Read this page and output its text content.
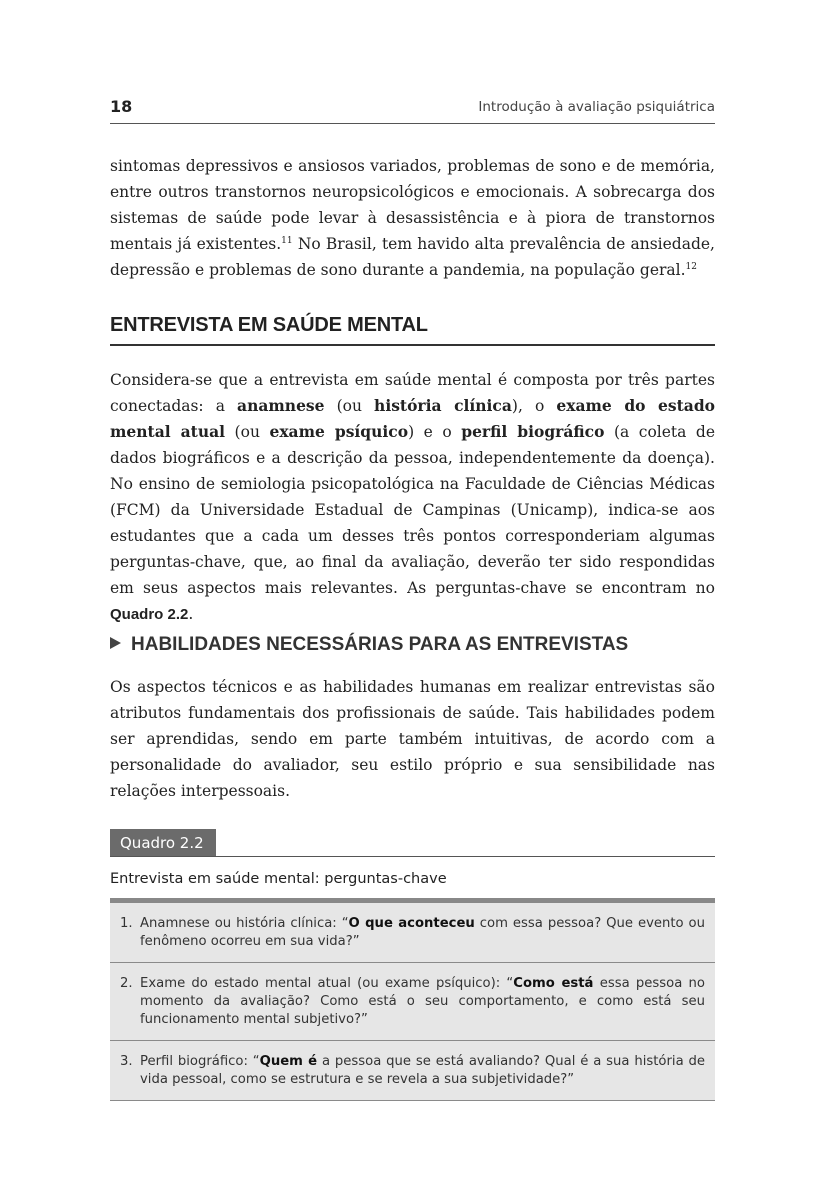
18	Introdução à avaliação psiquiátrica

sintomas depressivos e ansiosos variados, problemas de sono e de memória, entre outros transtornos neuropsicológicos e emocionais. A sobrecarga dos sistemas de saúde pode levar à desassistência e à piora de transtornos mentais já existentes.$^{11}$ No Brasil, tem havido alta prevalência de ansiedade, depressão e problemas de sono durante a pandemia, na população geral.$^{12}$

ENTREVISTA EM SAÚDE MENTAL

Considera-se que a entrevista em saúde mental é composta por três partes conectadas: a anamnese (ou história clínica), o exame do estado mental atual (ou exame psíquico) e o perfil biográfico (a coleta de dados biográficos e a descrição da pessoa, independentemente da doença). No ensino de semiologia psicopatológica na Faculdade de Ciências Médicas (FCM) da Universidade Estadual de Campinas (Unicamp), indica-se aos estudantes que a cada um desses três pontos corresponderiam algumas perguntas-chave, que, ao final da avaliação, deverão ter sido respondidas em seus aspectos mais relevantes. As perguntas-chave se encontram no Quadro 2.2.

HABILIDADES NECESSÁRIAS PARA AS ENTREVISTAS

Os aspectos técnicos e as habilidades humanas em realizar entrevistas são atributos fundamentais dos profissionais de saúde. Tais habilidades podem ser aprendidas, sendo em parte também intuitivas, de acordo com a personalidade do avaliador, seu estilo próprio e sua sensibilidade nas relações interpessoais.

Quadro 2.2
Entrevista em saúde mental: perguntas-chave
1. Anamnese ou história clínica: “O que aconteceu com essa pessoa? Que evento ou fenômeno ocorreu em sua vida?”
2. Exame do estado mental atual (ou exame psíquico): “Como está essa pessoa no momento da avaliação? Como está o seu comportamento, e como está seu funcionamento mental subjetivo?”
3. Perfil biográfico: “Quem é a pessoa que se está avaliando? Qual é a sua história de vida pessoal, como se estrutura e se revela a sua subjetividade?”
